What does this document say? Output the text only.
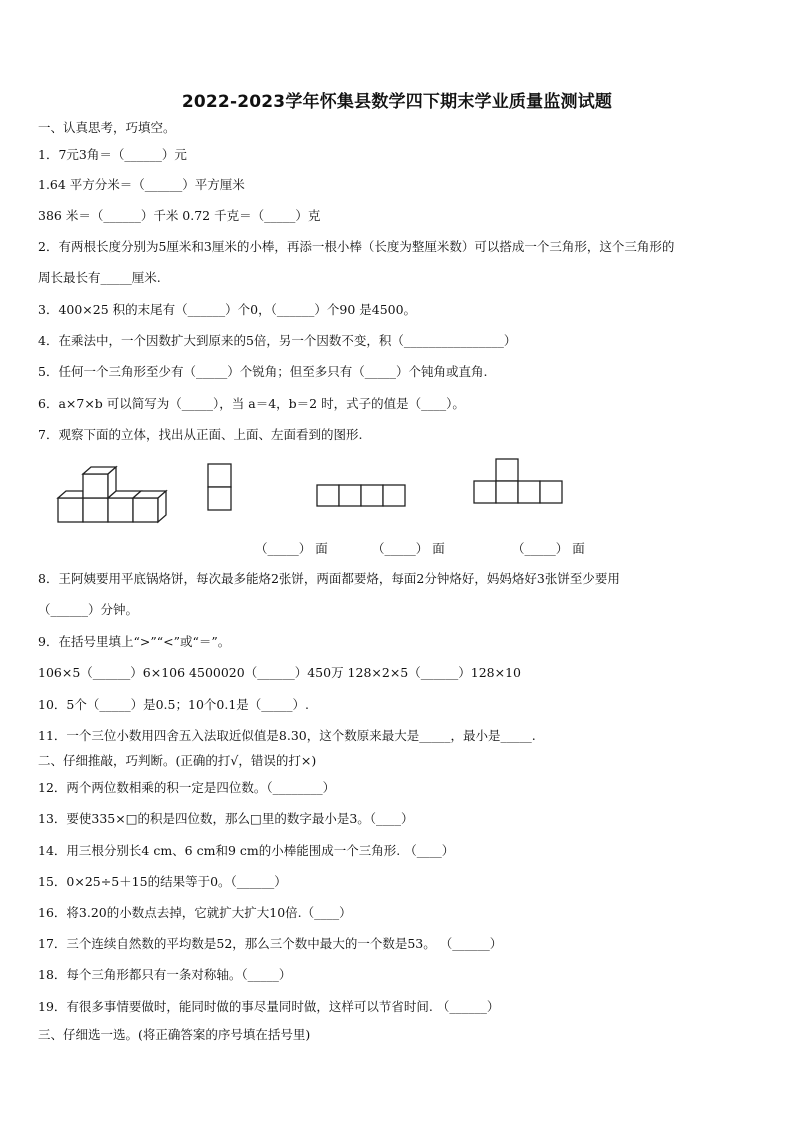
2022-2023学年怀集县数学四下期末学业质量监测试题
一、认真思考，巧填空。
1．7元3角＝（______）元
1.64 平方分米＝（______）平方厘米
386 米＝（______）千米 0.72 千克＝（_____）克
2．有两根长度分别为5厘米和3厘米的小棒，再添一根小棒（长度为整厘米数）可以搭成一个三角形，这个三角形的
周长最长有_____厘米.
3．400×25 积的末尾有（______）个0，（______）个90 是4500。
4．在乘法中，一个因数扩大到原来的5倍，另一个因数不变，积（________________）
5．任何一个三角形至少有（_____）个锐角；但至多只有（_____）个钝角或直角.
6．a×7×b 可以简写为（_____），当 a＝4，b＝2 时，式子的值是（____）。
7．观察下面的立体，找出从正面、上面、左面看到的图形.
8．王阿姨要用平底锅烙饼，每次最多能烙2张饼，两面都要烙，每面2分钟烙好，妈妈烙好3张饼至少要用
（______）分钟。
9．在括号里填上“>”“<”或“＝”。
106×5（______）6×106 4500020（______）450万 128×2×5（______）128×10
10．5个（_____）是0.5；10个0.1是（_____）.
11．一个三位小数用四舍五入法取近似值是8.30，这个数原来最大是_____，最小是_____.
二、仔细推敲，巧判断。(正确的打√，错误的打×)
12．两个两位数相乘的积一定是四位数。（________）
13．要使335×□的积是四位数，那么□里的数字最小是3。（____）
14．用三根分别长4 cm、6 cm和9 cm的小棒能围成一个三角形. （____）
15．0×25÷5＋15的结果等于0。（______）
16．将3.20的小数点去掉，它就扩大扩大10倍.（____）
17．三个连续自然数的平均数是52，那么三个数中最大的一个数是53。 （______）
18．每个三角形都只有一条对称轴。（_____）
19．有很多事情要做时，能同时做的事尽量同时做，这样可以节省时间. （______）
三、仔细选一选。(将正确答案的序号填在括号里)
（_____） 面	（_____） 面	（_____） 面
